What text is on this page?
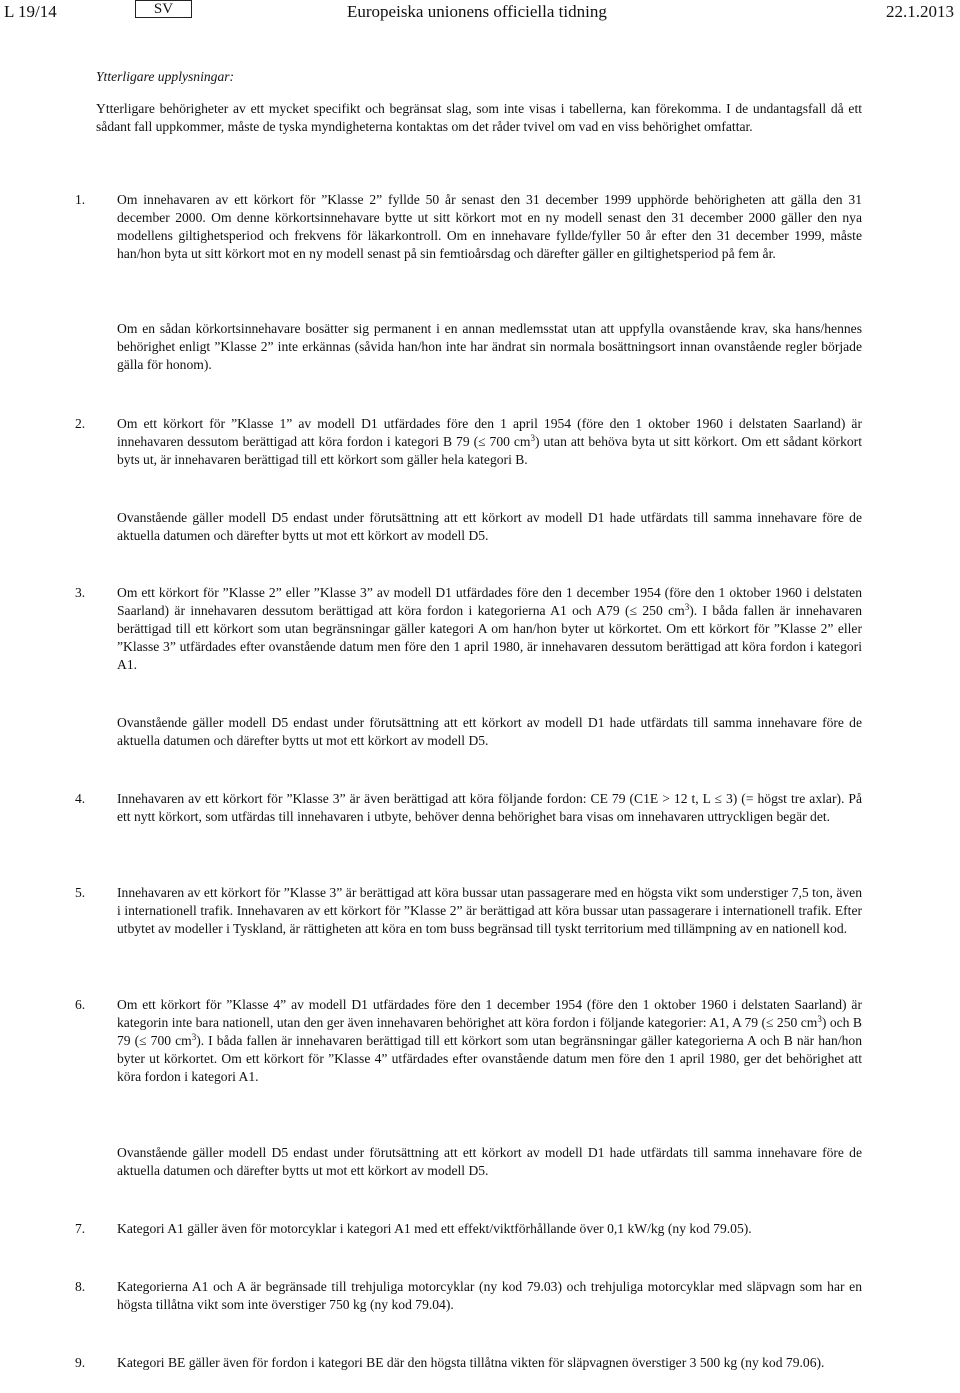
L 19/14	SV	Europeiska unionens officiella tidning	22.1.2013
Ytterligare upplysningar:
Ytterligare behörigheter av ett mycket specifikt och begränsat slag, som inte visas i tabellerna, kan förekomma. I de undantagsfall då ett sådant fall uppkommer, måste de tyska myndigheterna kontaktas om det råder tvivel om vad en viss behörighet omfattar.
1. Om innehavaren av ett körkort för ”Klasse 2” fyllde 50 år senast den 31 december 1999 upphörde behörigheten att gälla den 31 december 2000. Om denne körkortsinnehavare bytte ut sitt körkort mot en ny modell senast den 31 december 2000 gäller den nya modellens giltighetsperiod och frekvens för läkarkontroll. Om en innehavare fyllde/fyller 50 år efter den 31 december 1999, måste han/hon byta ut sitt körkort mot en ny modell senast på sin femtioårsdag och därefter gäller en giltighetsperiod på fem år.
Om en sådan körkortsinnehavare bosätter sig permanent i en annan medlemsstat utan att uppfylla ovanstående krav, ska hans/hennes behörighet enligt ”Klasse 2” inte erkännas (såvida han/hon inte har ändrat sin normala bosättningsort innan ovanstående regler började gälla för honom).
2. Om ett körkort för ”Klasse 1” av modell D1 utfärdades före den 1 april 1954 (före den 1 oktober 1960 i delstaten Saarland) är innehavaren dessutom berättigad att köra fordon i kategori B 79 (≤ 700 $cm^3$) utan att behöva byta ut sitt körkort. Om ett sådant körkort byts ut, är innehavaren berättigad till ett körkort som gäller hela kategori B.
Ovanstående gäller modell D5 endast under förutsättning att ett körkort av modell D1 hade utfärdats till samma innehavare före de aktuella datumen och därefter bytts ut mot ett körkort av modell D5.
3. Om ett körkort för ”Klasse 2” eller ”Klasse 3” av modell D1 utfärdades före den 1 december 1954 (före den 1 oktober 1960 i delstaten Saarland) är innehavaren dessutom berättigad att köra fordon i kategorierna A1 och A79 (≤ 250 $cm^3$). I båda fallen är innehavaren berättigad till ett körkort som utan begränsningar gäller kategori A om han/hon byter ut körkortet. Om ett körkort för ”Klasse 2” eller ”Klasse 3” utfärdades efter ovanstående datum men före den 1 april 1980, är innehavaren dessutom berättigad att köra fordon i kategori A1.
Ovanstående gäller modell D5 endast under förutsättning att ett körkort av modell D1 hade utfärdats till samma innehavare före de aktuella datumen och därefter bytts ut mot ett körkort av modell D5.
4. Innehavaren av ett körkort för ”Klasse 3” är även berättigad att köra följande fordon: CE 79 (C1E > 12 t, L ≤ 3) (= högst tre axlar). På ett nytt körkort, som utfärdas till innehavaren i utbyte, behöver denna behörighet bara visas om innehavaren uttryckligen begär det.
5. Innehavaren av ett körkort för ”Klasse 3” är berättigad att köra bussar utan passagerare med en högsta vikt som understiger 7,5 ton, även i internationell trafik. Innehavaren av ett körkort för ”Klasse 2” är berättigad att köra bussar utan passagerare i internationell trafik. Efter utbytet av modeller i Tyskland, är rättigheten att köra en tom buss begränsad till tyskt territorium med tillämpning av en nationell kod.
6. Om ett körkort för ”Klasse 4” av modell D1 utfärdades före den 1 december 1954 (före den 1 oktober 1960 i delstaten Saarland) är kategorin inte bara nationell, utan den ger även innehavaren behörighet att köra fordon i följande kategorier: A1, A 79 (≤ 250 $cm^3$) och B 79 (≤ 700 $cm^3$). I båda fallen är innehavaren berättigad till ett körkort som utan begränsningar gäller kategorierna A och B när han/hon byter ut körkortet. Om ett körkort för ”Klasse 4” utfärdades efter ovanstående datum men före den 1 april 1980, ger det behörighet att köra fordon i kategori A1.
Ovanstående gäller modell D5 endast under förutsättning att ett körkort av modell D1 hade utfärdats till samma innehavare före de aktuella datumen och därefter bytts ut mot ett körkort av modell D5.
7. Kategori A1 gäller även för motorcyklar i kategori A1 med ett effekt/viktförhållande över 0,1 kW/kg (ny kod 79.05).
8. Kategorierna A1 och A är begränsade till trehjuliga motorcyklar (ny kod 79.03) och trehjuliga motorcyklar med släpvagn som har en högsta tillåtna vikt som inte överstiger 750 kg (ny kod 79.04).
9. Kategori BE gäller även för fordon i kategori BE där den högsta tillåtna vikten för släpvagnen överstiger 3 500 kg (ny kod 79.06).
